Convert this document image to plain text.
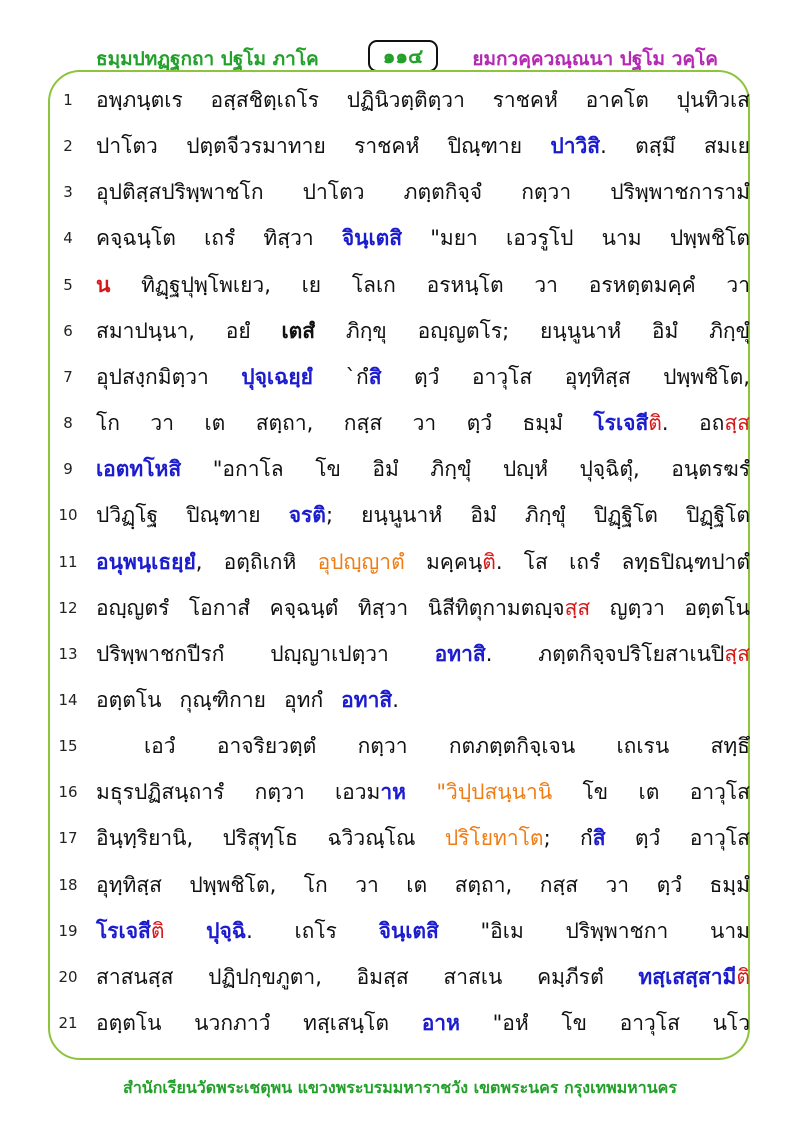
ธมฺมปทฏฺฐกถา ปฐโม ภาโค	๑๑๔	ยมกวคฺควณฺณนา ปฐโม วคฺโค
1	อพฺภนฺตเร อสฺสชิตฺเถโร ปฏินิวตฺติตฺวา ราชคหํ อาคโต ปุนทิวเส
2	ปาโตว ปตฺตจีวรมาทาย ราชคหํ ปิณฺฑาย ปาวิสิ. ตสฺมึ สมเย
3	อุปติสฺสปริพฺพาชโก ปาโตว ภตฺตกิจฺจํ กตฺวา ปริพฺพาชการามํ
4	คจฺฉนฺโต เถรํ ทิสฺวา จินฺเตสิ "มยา เอวรูโป นาม ปพฺพชิโต
5	น ทิฏฺฐปุพฺโพเยว, เย โลเก อรหนฺโต วา อรหตฺตมคฺคํ วา
6	สมาปนฺนา, อยํ เตสํ ภิกฺขุ อญฺญตโร; ยนฺนูนาหํ อิมํ ภิกฺขุํ
7	อุปสงฺกมิตฺวา ปุจฺเฉยฺยํ `กํสิ ตฺวํ อาวุโส อุทฺทิสฺส ปพฺพชิโต,
8	โก วา เต สตฺถา, กสฺส วา ตฺวํ ธมฺมํ โรเจสีติ. อถสฺส
9	เอตทโหสิ "อกาโล โข อิมํ ภิกฺขุํ ปญฺหํ ปุจฺฉิตุํ, อนฺตรฆรํ
10 ปวิฏฺโฐ ปิณฺฑาย จรติ; ยนฺนูนาหํ อิมํ ภิกฺขุํ ปิฏฺฐิโต ปิฏฺฐิโต
11 อนุพนฺเธยฺยํ, อตฺถิเกหิ อุปญฺญาตํ มคฺคนฺติ. โส เถรํ ลทฺธปิณฺฑปาตํ
12 อญฺญตรํ โอกาสํ คจฺฉนฺตํ ทิสฺวา นิสีทิตุกามตญฺจสฺส ญตฺวา อตฺตโน
13 ปริพฺพาชกปีรกํ ปญฺญาเปตฺวา อทาสิ. ภตฺตกิจฺจปริโยสาเนปิสฺส
14 อตฺตโน กุณฺฑิกาย อุทกํ อทาสิ.
15	เอวํ อาจริยวตฺตํ กตฺวา กตภตฺตกิจฺเจน เถเรน สทฺธึ
16 มธุรปฏิสนฺถารํ กตฺวา เอวมาห "วิปฺปสนฺนานิ โข เต อาวุโส
17 อินฺทฺริยานิ, ปริสุทฺโธ ฉวิวณฺโณ ปริโยทาโต; กํสิ ตฺวํ อาวุโส
18 อุทฺทิสฺส ปพฺพชิโต, โก วา เต สตฺถา, กสฺส วา ตฺวํ ธมฺมํ
19 โรเจสีติ ปุจฺฉิ. เถโร จินฺเตสิ "อิเม ปริพฺพาชกา นาม
20 สาสนสฺส ปฏิปกฺขภูตา, อิมสฺส สาสเน คมฺภีรตํ ทสฺเสสฺสามีติ
21 อตฺตโน นวกภาวํ ทสฺเสนฺโต อาห "อหํ โข อาวุโส นโว
สำนักเรียนวัดพระเชตุพน แขวงพระบรมมหาราชวัง เขตพระนคร กรุงเทพมหานคร
